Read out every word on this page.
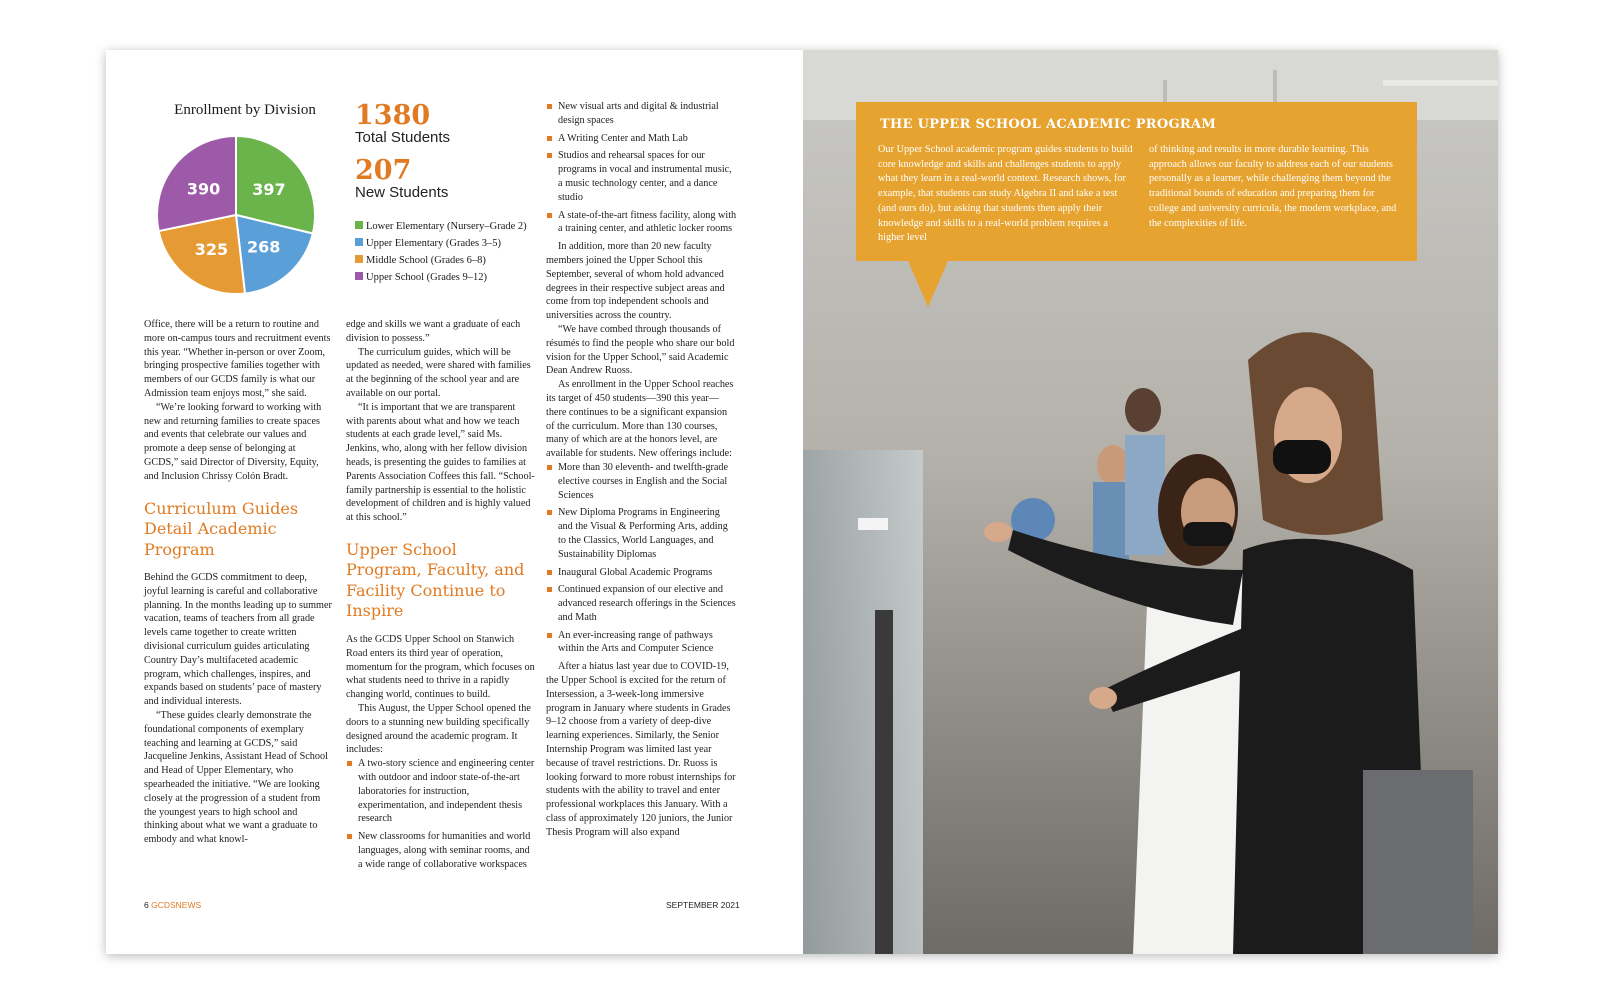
Enrollment by Division
397
268
325
390
1380
Total Students
207
New Students
Lower Elementary (Nursery–Grade 2)
Upper Elementary (Grades 3–5)
Middle School (Grades 6–8)
Upper School (Grades 9–12)

Office, there will be a return to routine and more on-campus tours and recruitment events this year. “Whether in-person or over Zoom, bringing prospective families together with members of our GCDS family is what our Admission team enjoys most,” she said.

“We’re looking forward to working with new and returning families to create spaces and events that celebrate our values and promote a deep sense of belonging at GCDS,” said Director of Diversity, Equity, and Inclusion Chrissy Colón Bradt.

Curriculum Guides Detail Academic Program

Behind the GCDS commitment to deep, joyful learning is careful and collaborative planning. In the months leading up to summer vacation, teams of teachers from all grade levels came together to create written divisional curriculum guides articulating Country Day’s multifaceted academic program, which challenges, inspires, and expands based on students’ pace of mastery and individual interests.

“These guides clearly demonstrate the foundational components of exemplary teaching and learning at GCDS,” said Jacqueline Jenkins, Assistant Head of School and Head of Upper Elementary, who spearheaded the initiative. “We are looking closely at the progression of a student from the youngest years to high school and thinking about what we want a graduate to embody and what knowl-

edge and skills we want a graduate of each division to possess.”

The curriculum guides, which will be updated as needed, were shared with families at the beginning of the school year and are available on our portal.

“It is important that we are transparent with parents about what and how we teach students at each grade level,” said Ms. Jenkins, who, along with her fellow division heads, is presenting the guides to families at Parents Association Coffees this fall. “School-family partnership is essential to the holistic development of children and is highly valued at this school.”

Upper School Program, Faculty, and Facility Continue to Inspire

As the GCDS Upper School on Stanwich Road enters its third year of operation, momentum for the program, which focuses on what students need to thrive in a rapidly changing world, continues to build.

This August, the Upper School opened the doors to a stunning new building specifically designed around the academic program. It includes:

A two-story science and engineering center with outdoor and indoor state-of-the-art laboratories for instruction, experimentation, and independent thesis research
New classrooms for humanities and world languages, along with seminar rooms, and a wide range of collaborative workspaces
New visual arts and digital & industrial design spaces
A Writing Center and Math Lab
Studios and rehearsal spaces for our programs in vocal and instrumental music, a music technology center, and a dance studio
A state-of-the-art fitness facility, along with a training center, and athletic locker rooms

In addition, more than 20 new faculty members joined the Upper School this September, several of whom hold advanced degrees in their respective subject areas and come from top independent schools and universities across the country.

“We have combed through thousands of résumés to find the people who share our bold vision for the Upper School,” said Academic Dean Andrew Ruoss.

As enrollment in the Upper School reaches its target of 450 students—390 this year—there continues to be a significant expansion of the curriculum. More than 130 courses, many of which are at the honors level, are available for students. New offerings include:

More than 30 eleventh- and twelfth-grade elective courses in English and the Social Sciences
New Diploma Programs in Engineering and the Visual & Performing Arts, adding to the Classics, World Languages, and Sustainability Diplomas
Inaugural Global Academic Programs
Continued expansion of our elective and advanced research offerings in the Sciences and Math
An ever-increasing range of pathways within the Arts and Computer Science

After a hiatus last year due to COVID-19, the Upper School is excited for the return of Intersession, a 3-week-long immersive program in January where students in Grades 9–12 choose from a variety of deep-dive learning experiences. Similarly, the Senior Internship Program was limited last year because of travel restrictions. Dr. Ruoss is looking forward to more robust internships for students with the ability to travel and enter professional workplaces this January. With a class of approximately 120 juniors, the Junior Thesis Program will also expand

6 GCDSNEWS	SEPTEMBER 2021
THE UPPER SCHOOL ACADEMIC PROGRAM
Our Upper School academic program guides students to build core knowledge and skills and challenges students to apply what they learn in a real-world context. Research shows, for example, that students can study Algebra II and take a test (and ours do), but asking that students then apply their knowledge and skills to a real-world problem requires a higher level
of thinking and results in more durable learning. This approach allows our faculty to address each of our students personally as a learner, while challenging them beyond the traditional bounds of education and preparing them for college and university curricula, the modern workplace, and the complexities of life.
